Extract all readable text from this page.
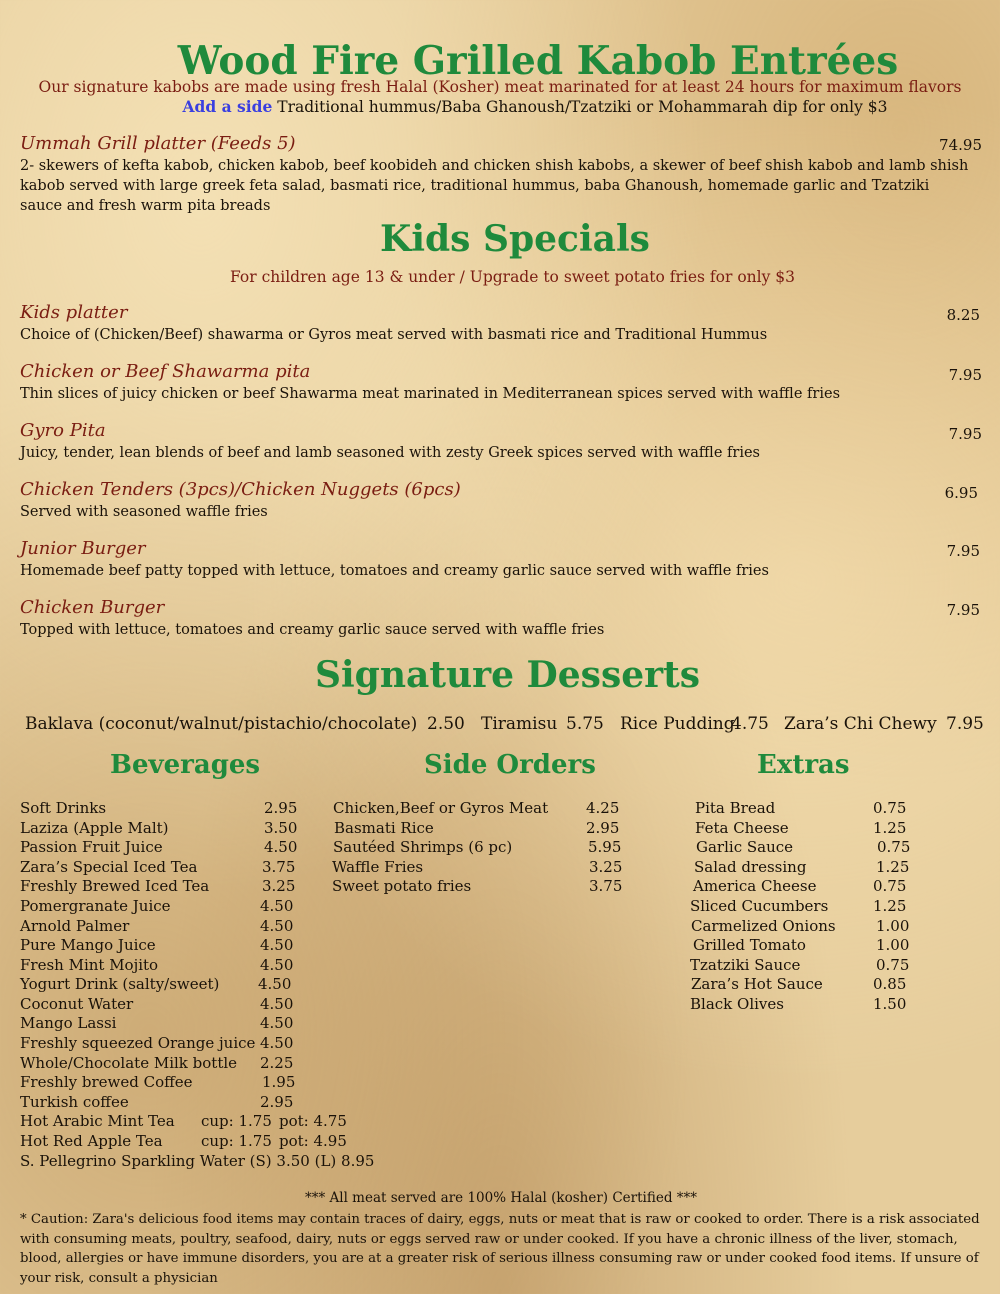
Wood Fire Grilled Kabob Entrées
Our signature kabobs are made using fresh Halal (Kosher) meat marinated for at least 24 hours for maximum flavors
Add a side Traditional hummus/Baba Ghanoush/Tzatziki or Mohammarah dip for only $3
Ummah Grill platter (Feeds 5)	74.95
2- skewers of kefta kabob, chicken kabob, beef koobideh and chicken shish kabobs, a skewer of beef shish kabob and lamb shish kabob served with large greek feta salad, basmati rice, traditional hummus, baba Ghanoush, homemade garlic and Tzatziki sauce and fresh warm pita breads
Kids Specials
For children age 13 & under / Upgrade to sweet potato fries for only $3
Kids platter	8.25
Choice of (Chicken/Beef) shawarma or Gyros meat served with basmati rice and Traditional Hummus
Chicken or Beef Shawarma pita	7.95
Thin slices of juicy chicken or beef Shawarma meat marinated in Mediterranean spices served with waffle fries
Gyro Pita	7.95
Juicy, tender, lean blends of beef and lamb seasoned with zesty Greek spices served with waffle fries
Chicken Tenders (3pcs)/Chicken Nuggets (6pcs)	6.95
Served with seasoned waffle fries
Junior Burger	7.95
Homemade beef patty topped with lettuce, tomatoes and creamy garlic sauce served with waffle fries
Chicken Burger	7.95
Topped with lettuce, tomatoes and creamy garlic sauce served with waffle fries
Signature Desserts
Baklava (coconut/walnut/pistachio/chocolate) 2.50 Tiramisu 5.75 Rice Pudding
4.75 Zara’s Chi Chewy 7.95
Beverages	Side Orders	Extras
Soft Drinks	2.95
Laziza (Apple Malt)	3.50
Passion Fruit Juice	4.50
Zara’s Special Iced Tea	3.75
Freshly Brewed Iced Tea	3.25
Pomergranate Juice	4.50
Arnold Palmer	4.50
Pure Mango Juice	4.50
Fresh Mint Mojito	4.50
Yogurt Drink (salty/sweet)	4.50
Coconut Water	4.50
Mango Lassi	4.50
Freshly squeezed Orange juice 4.50
Whole/Chocolate Milk bottle 2.25
Freshly brewed Coffee	1.95
Turkish coffee	2.95
Hot Arabic Mint Tea cup: 1.75 pot: 4.75
Hot Red Apple Tea	cup: 1.75 pot: 4.95
S. Pellegrino Sparkling Water (S) 3.50 (L) 8.95
Chicken,Beef or Gyros Meat	4.25
Basmati Rice	2.95
Sautéed Shrimps (6 pc)	5.95
Waffle Fries	3.25
Sweet potato fries	3.75
Pita Bread	0.75
Feta Cheese	1.25
Garlic Sauce	0.75
Salad dressing	1.25
America Cheese	0.75
Sliced Cucumbers	1.25
Carmelized Onions	1.00
Grilled Tomato	1.00
Tzatziki Sauce	0.75
Zara’s Hot Sauce	0.85
Black Olives	1.50
*** All meat served are 100% Halal (kosher) Certified ***
* Caution: Zara's delicious food items may contain traces of dairy, eggs, nuts or meat that is raw or cooked to order. There is a risk associated with consuming meats, poultry, seafood, dairy, nuts or eggs served raw or under cooked. If you have a chronic illness of the liver, stomach, blood, allergies or have immune disorders, you are at a greater risk of serious illness consuming raw or under cooked food items. If unsure of your risk, consult a physician
